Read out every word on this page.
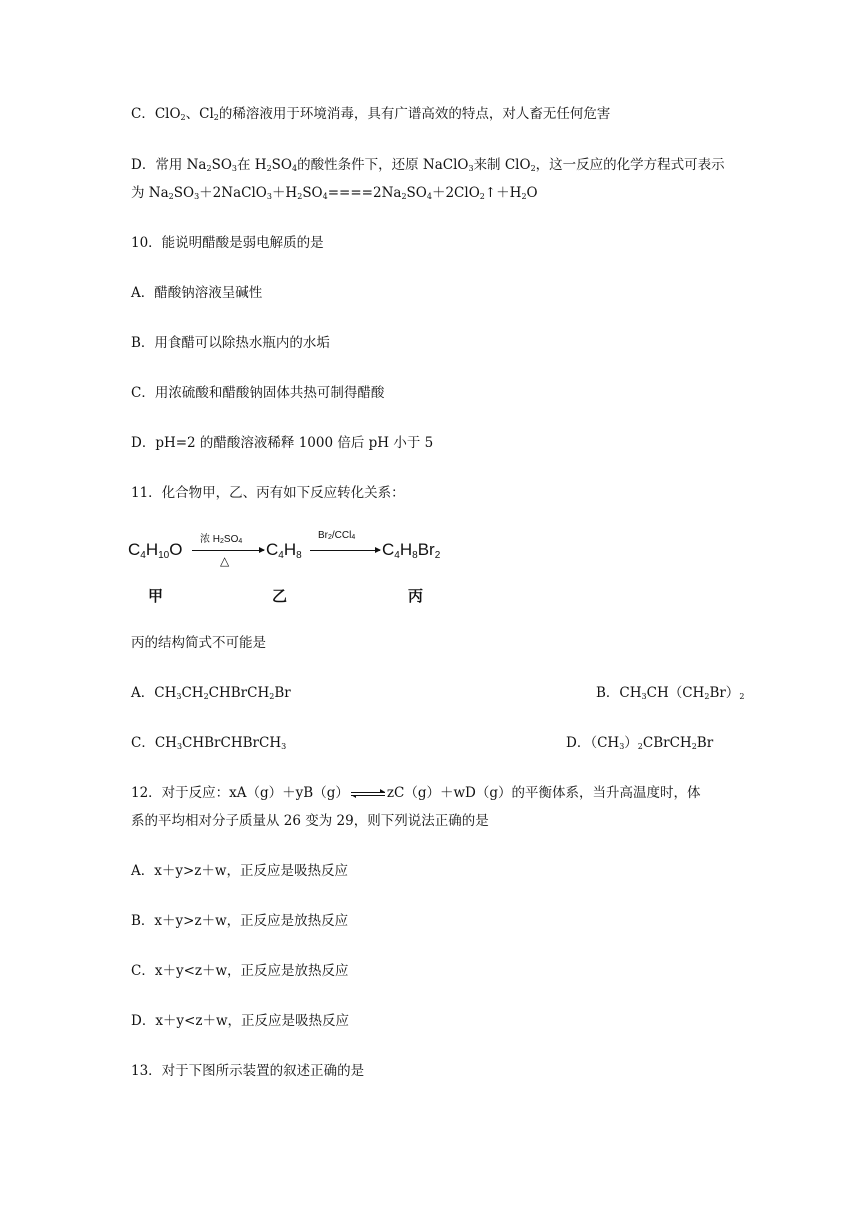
C．ClO$_2$、$Cl_2$的稀溶液用于环境消毒，具有广谱高效的特点，对人畜无任何危害
D．常用 $Na_2SO_3$在 $H_2SO_4$的酸性条件下，还原 NaClO$_3$来制 ClO$_2$，这一反应的化学方程式可表示
为 $Na_2SO_3+2NaClO_3+H_2SO_4====2Na_2SO_4+2ClO_2↑+H_2O$
10．能说明醋酸是弱电解质的是
A．醋酸钠溶液呈碱性
B．用食醋可以除热水瓶内的水垢
C．用浓硫酸和醋酸钠固体共热可制得醋酸
D．pH=2 的醋酸溶液稀释 1000 倍后 pH 小于 5
11．化合物甲，乙、丙有如下反应转化关系：
$C_4H_{10}O$
浓 $H_2SO_4$
△
$C_4H_8$
$Br_2/CCl_4$
$C_4H_8Br_2$
甲	乙	丙
丙的结构简式不可能是
A．$CH_3CH_2CHBrCH_2Br$	B．$CH_3CH(CH_2Br)_2$
C．$CH_3CHBrCHBrCH_3$	D．$(CH_3)_2CBrCH_2Br$
12．对于反应：xA（g）＋yB（g） ⇌ zC（g）＋wD（g）的平衡体系，当升高温度时，体
系的平均相对分子质量从 26 变为 29，则下列说法正确的是
A．x＋y>z＋w，正反应是吸热反应
B．x＋y>z＋w，正反应是放热反应
C．x＋y<z＋w，正反应是放热反应
D．x＋y<z＋w，正反应是吸热反应
13．对于下图所示装置的叙述正确的是
